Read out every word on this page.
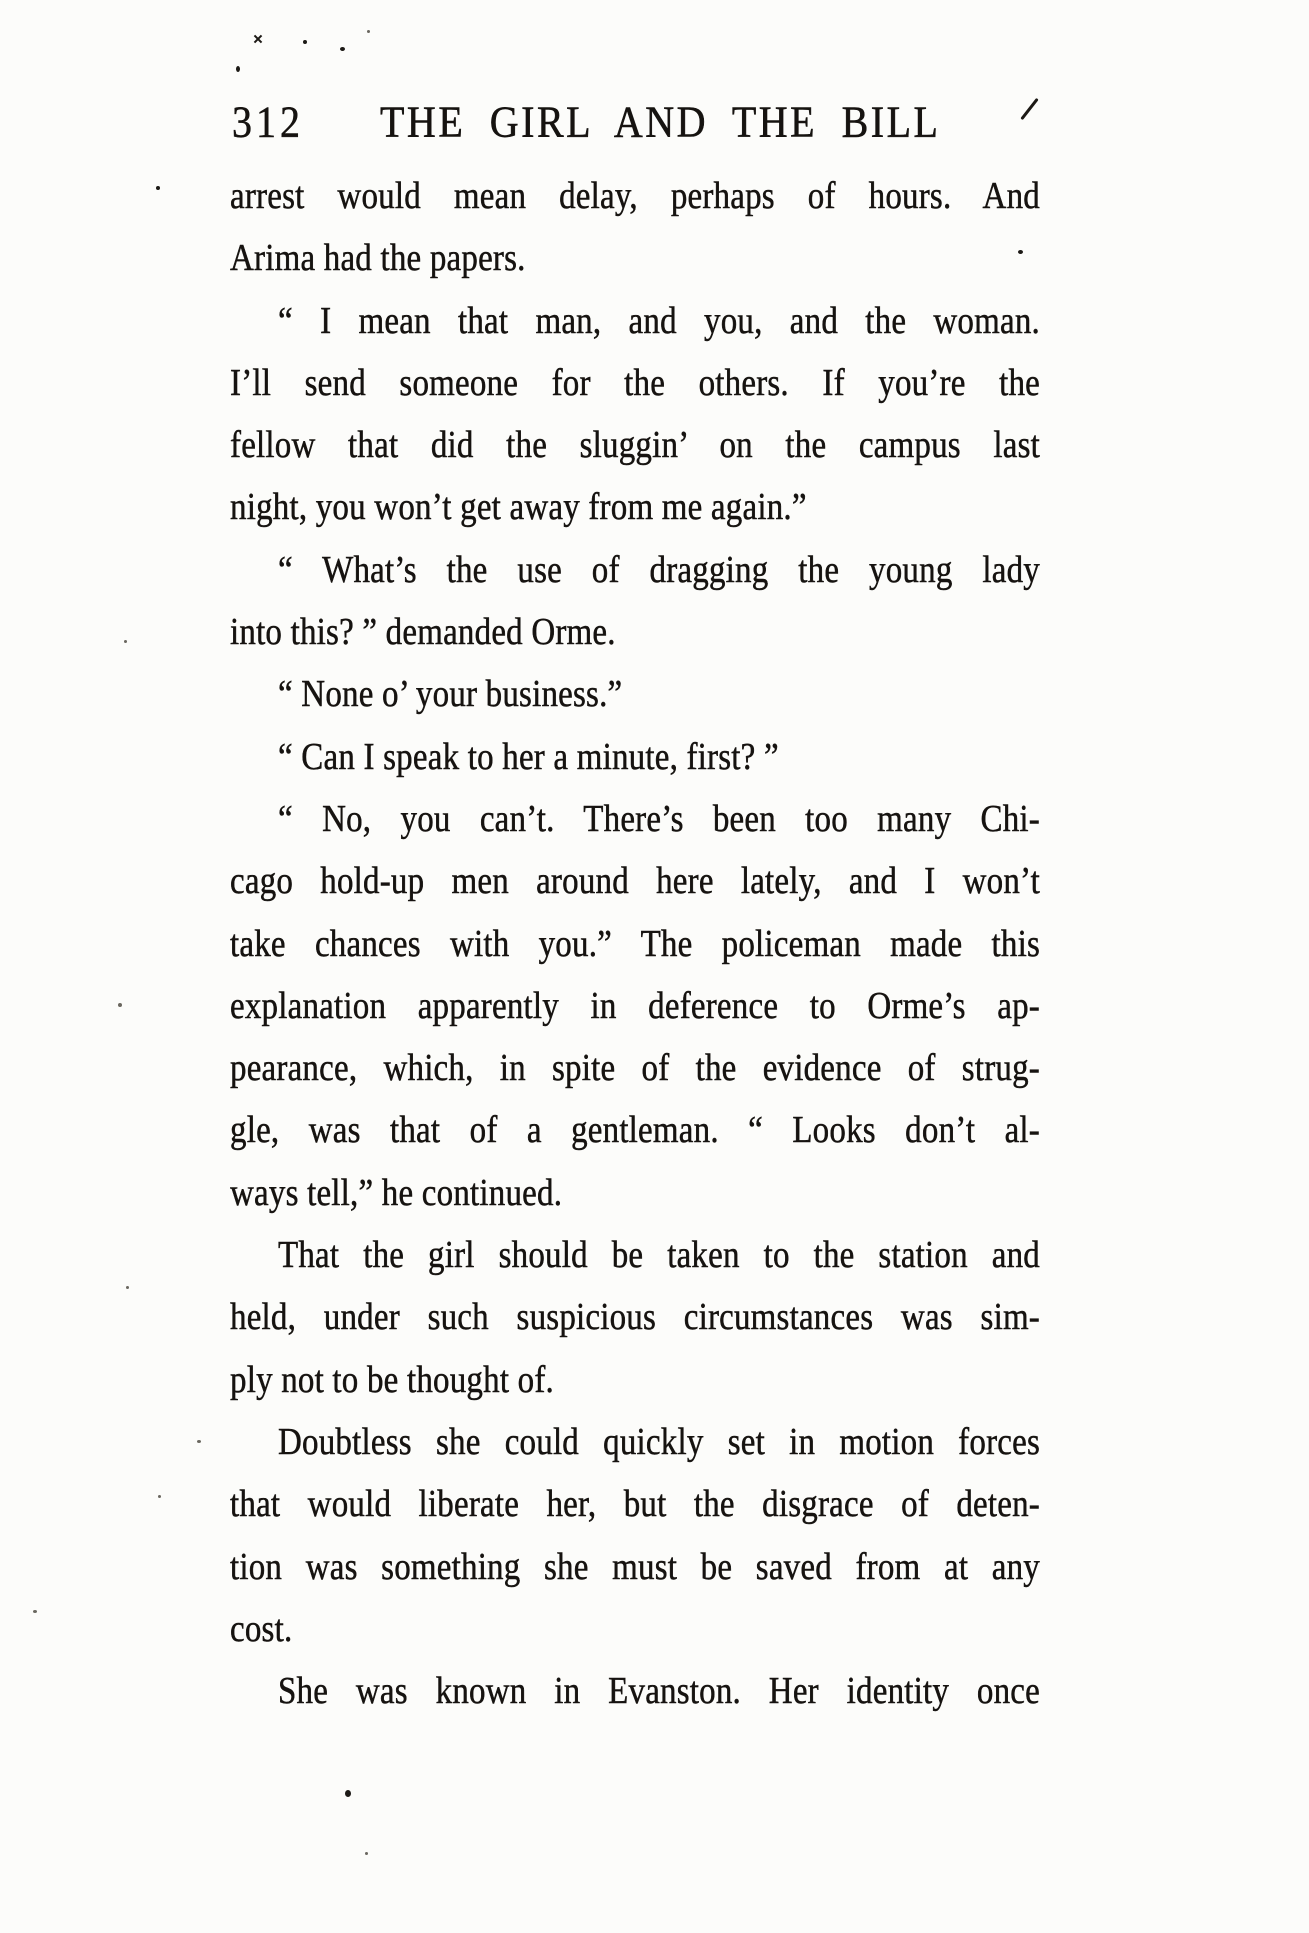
312 THE GIRL AND THE BILL
arrest would mean delay, perhaps of hours. And
Arima had the papers.
“ I mean that man, and you, and the woman.
I’ll send someone for the others. If you’re the
fellow that did the sluggin’ on the campus last
night, you won’t get away from me again.”
“ What’s the use of dragging the young lady
into this? ” demanded Orme.
“ None o’ your business.”
“ Can I speak to her a minute, first? ”
“ No, you can’t. There’s been too many Chi-
cago hold-up men around here lately, and I won’t
take chances with you.” The policeman made this
explanation apparently in deference to Orme’s ap-
pearance, which, in spite of the evidence of strug-
gle, was that of a gentleman. “ Looks don’t al-
ways tell,” he continued.
That the girl should be taken to the station and
held, under such suspicious circumstances was sim-
ply not to be thought of.
Doubtless she could quickly set in motion forces
that would liberate her, but the disgrace of deten-
tion was something she must be saved from at any
cost.
She was known in Evanston. Her identity once
